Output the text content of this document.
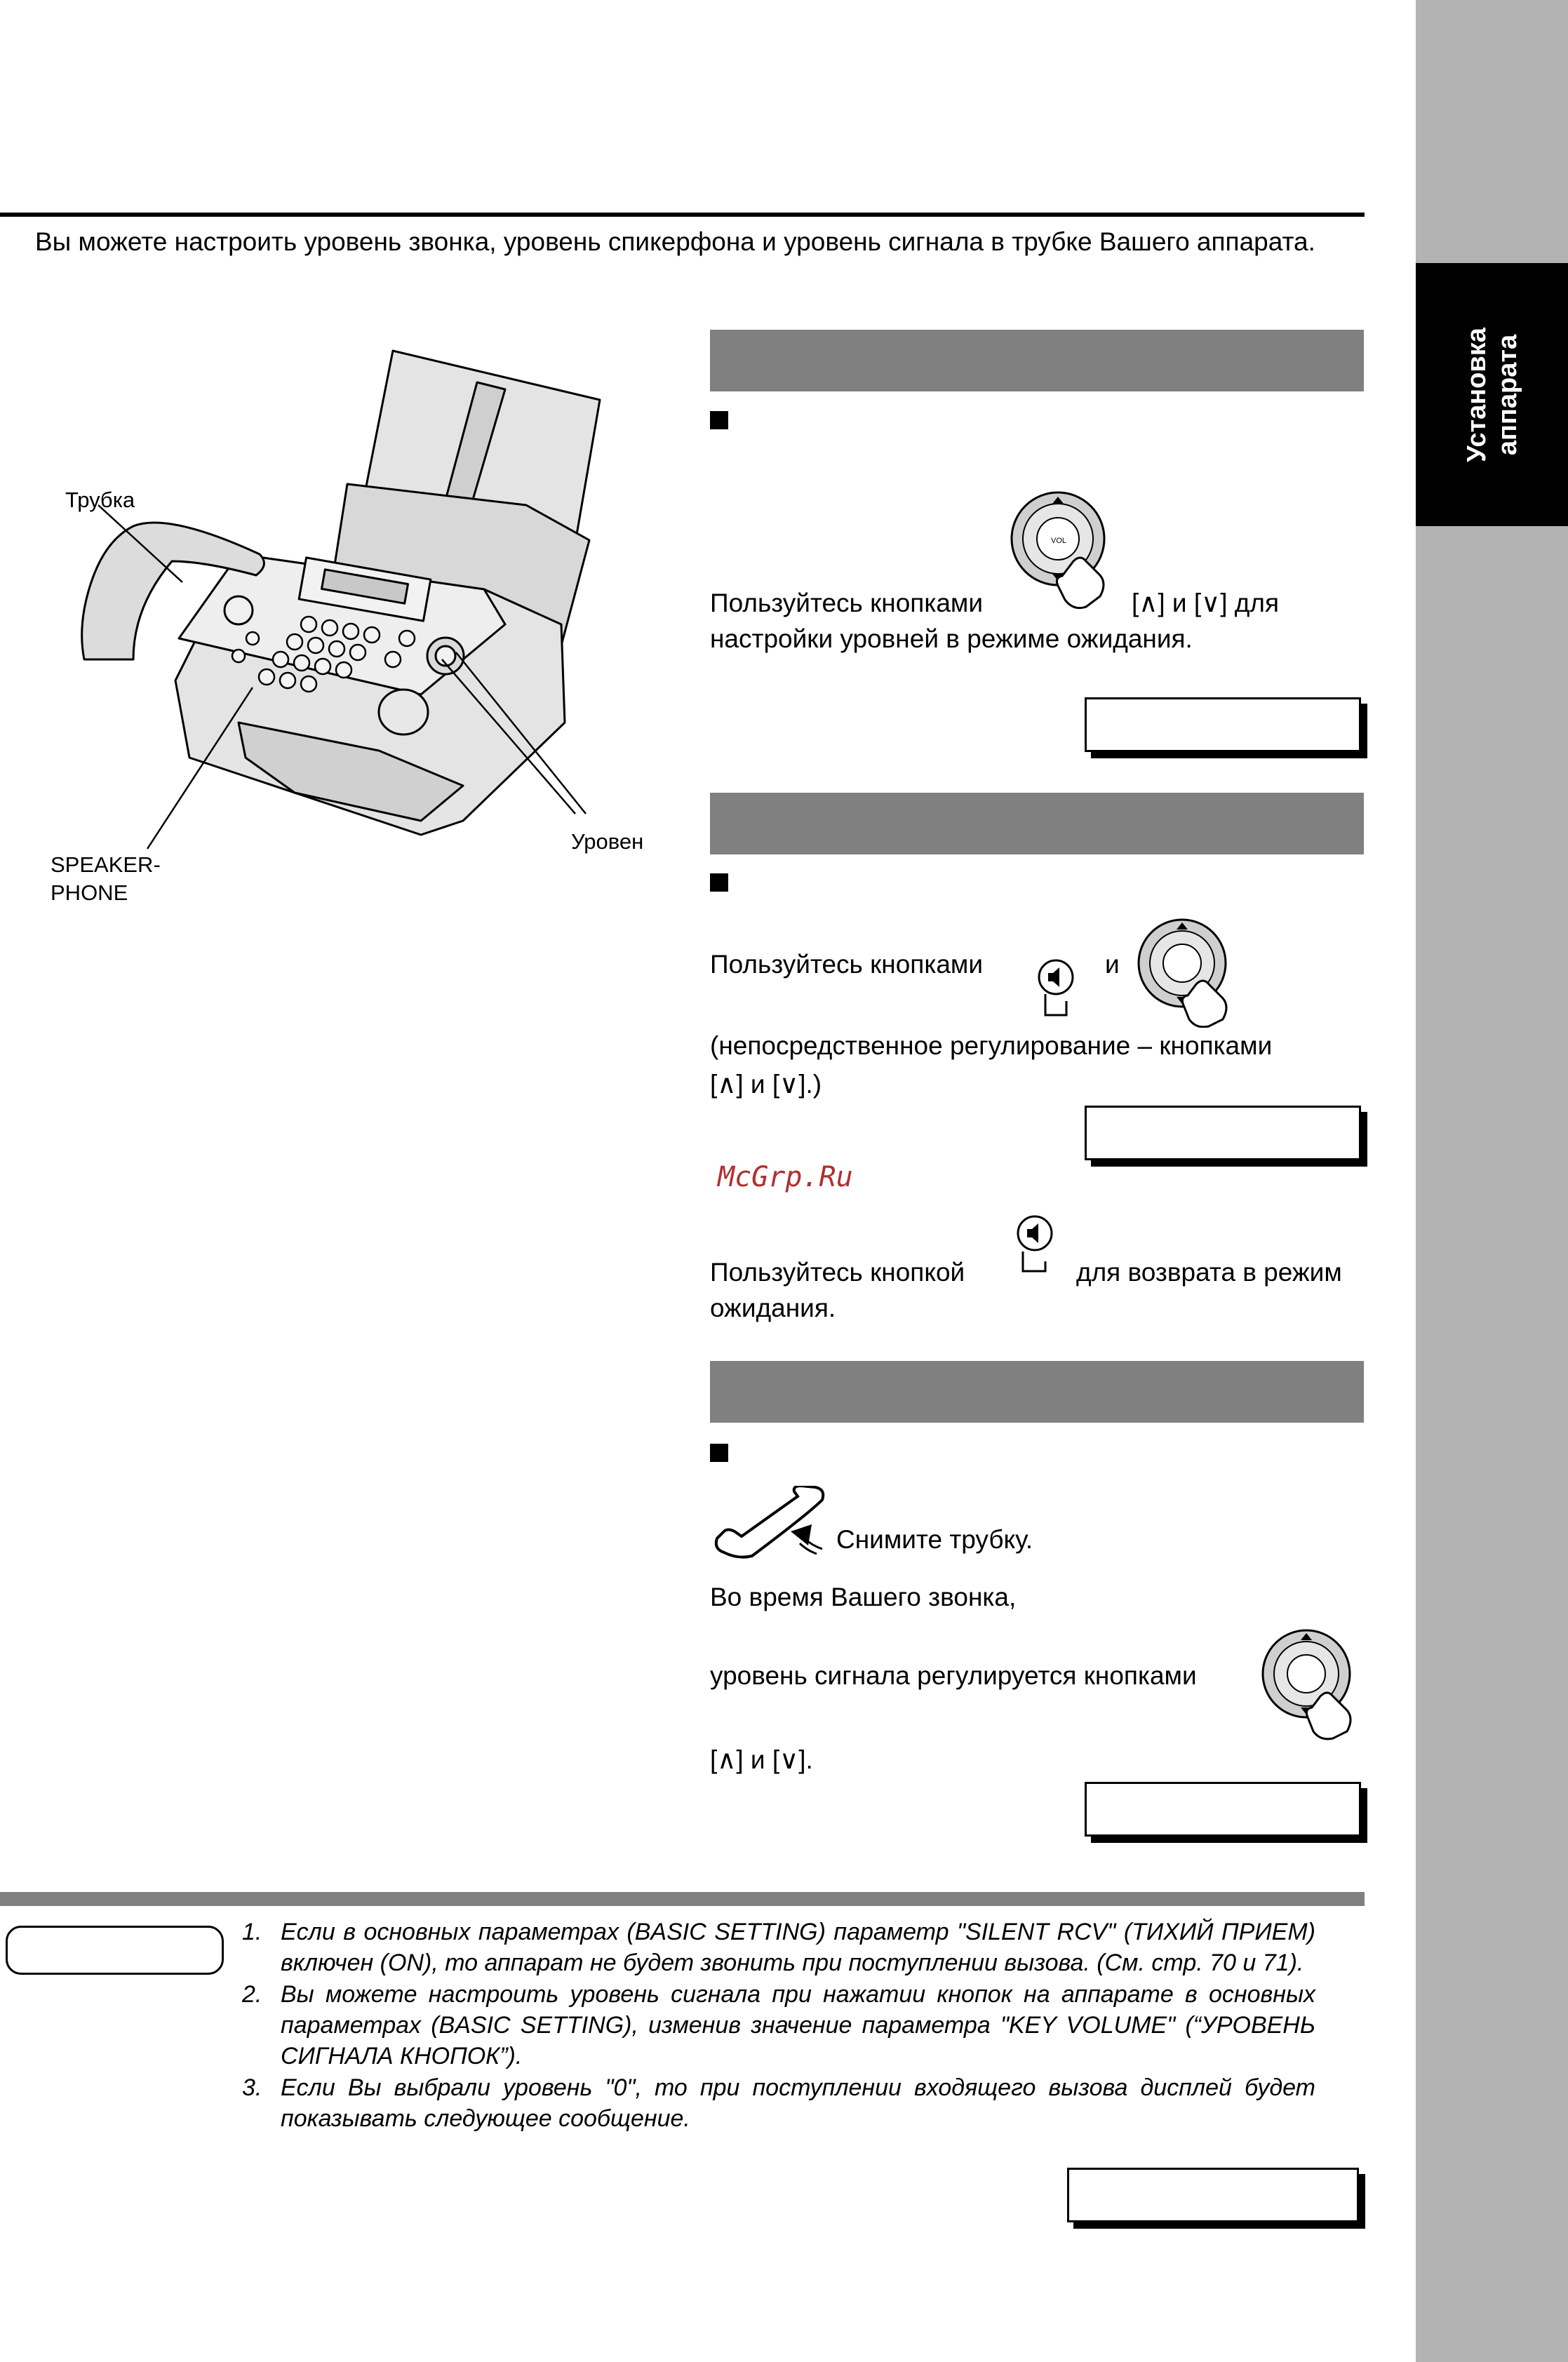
Установка аппарата
Вы можете настроить уровень звонка, уровень спикерфона и уровень сигнала в трубке Вашего аппарата.
Трубка
SPEAKER-
PHONE
Уровен
VOL
Пользуйтесь кнопками	[∧] и [∨] для
настройки уровней в режиме ожидания.
Пользуйтесь кнопками	и
(непосредственное регулирование – кнопками
[∧] и [∨].)
McGrp.Ru
Пользуйтесь кнопкой	для возврата в режим
ожидания.
Снимите трубку.
Во время Вашего звонка,
уровень сигнала регулируется кнопками
[∧] и [∨].
1. Если в основных параметрах (BASIC SETTING) параметр "SILENT RCV" (ТИХИЙ ПРИЕМ) включен (ON), то аппарат не будет звонить при поступлении вызова. (См. стр. 70 и 71).
2. Вы можете настроить уровень сигнала при нажатии кнопок на аппарате в основных параметрах (BASIC SETTING), изменив значение параметра "KEY VOLUME" (“УРОВЕНЬ СИГНАЛА КНОПОК”).
3. Если Вы выбрали уровень "0", то при поступлении входящего вызова дисплей будет показывать следующее сообщение.
